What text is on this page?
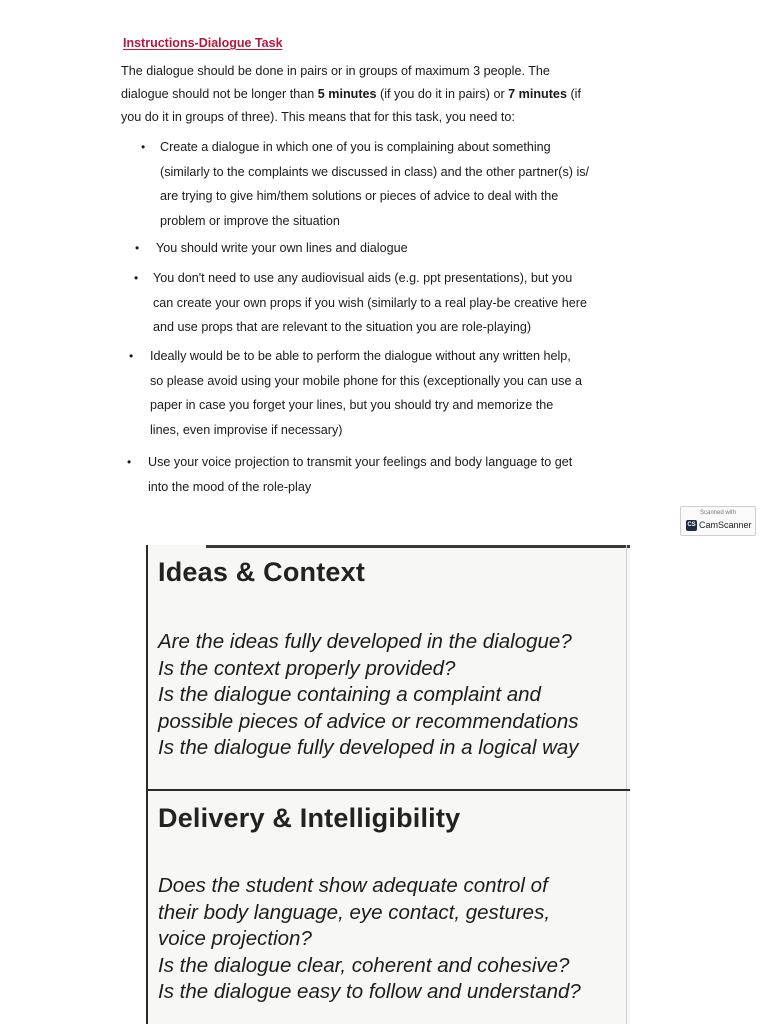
Instructions-Dialogue Task
The dialogue should be done in pairs or in groups of maximum 3 people. The
dialogue should not be longer than 5 minutes (if you do it in pairs) or 7 minutes (if
you do it in groups of three). This means that for this task, you need to:
• Create a dialogue in which one of you is complaining about something
(similarly to the complaints we discussed in class) and the other partner(s) is/
are trying to give him/them solutions or pieces of advice to deal with the
problem or improve the situation
• You should write your own lines and dialogue
• You don't need to use any audiovisual aids (e.g. ppt presentations), but you
can create your own props if you wish (similarly to a real play-be creative here
and use props that are relevant to the situation you are role-playing)
• Ideally would be to be able to perform the dialogue without any written help,
so please avoid using your mobile phone for this (exceptionally you can use a
paper in case you forget your lines, but you should try and memorize the
lines, even improvise if necessary)
• Use your voice projection to transmit your feelings and body language to get
into the mood of the role-play
Scanned with
CS CamScanner
Ideas & Context
Are the ideas fully developed in the dialogue?
Is the context properly provided?
Is the dialogue containing a complaint and
possible pieces of advice or recommendations
Is the dialogue fully developed in a logical way
Delivery & Intelligibility
Does the student show adequate control of
their body language, eye contact, gestures,
voice projection?
Is the dialogue clear, coherent and cohesive?
Is the dialogue easy to follow and understand?
